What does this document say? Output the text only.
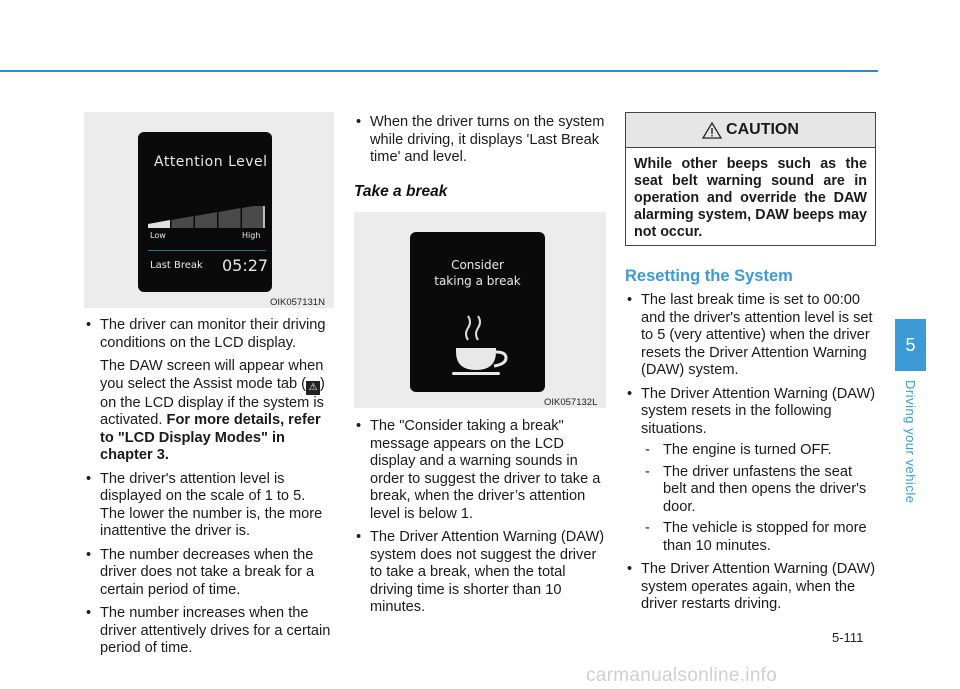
Attention Level
Low	High
Last Break 05:27
OIK057131N
• The driver can monitor their driving conditions on the LCD display.

The DAW screen will appear when you select the Assist mode tab ( ⚠ ) on the LCD display if the system is activated. For more details, refer to "LCD Display Modes" in chapter 3.

• The driver's attention level is displayed on the scale of 1 to 5. The lower the number is, the more inattentive the driver is.
• The number decreases when the driver does not take a break for a certain period of time.
• The number increases when the driver attentively drives for a certain period of time.
• When the driver turns on the system while driving, it displays 'Last Break time' and level.
Take a break
Consider
taking a break
OIK057132L
• The "Consider taking a break" message appears on the LCD display and a warning sounds in order to suggest the driver to take a break, when the driver’s attention level is below 1.
• The Driver Attention Warning (DAW) system does not suggest the driver to take a break, when the total driving time is shorter than 10 minutes.
CAUTION
While other beeps such as the seat belt warning sound are in operation and override the DAW alarming system, DAW beeps may not occur.
Resetting the System
• The last break time is set to 00:00 and the driver's attention level is set to 5 (very attentive) when the driver resets the Driver Attention Warning (DAW) system.
• The Driver Attention Warning (DAW) system resets in the following situations.
- The engine is turned OFF.
- The driver unfastens the seat belt and then opens the driver's door.
- The vehicle is stopped for more than 10 minutes.
• The Driver Attention Warning (DAW) system operates again, when the driver restarts driving.
5
Driving your vehicle
5-111
carmanualsonline.info
